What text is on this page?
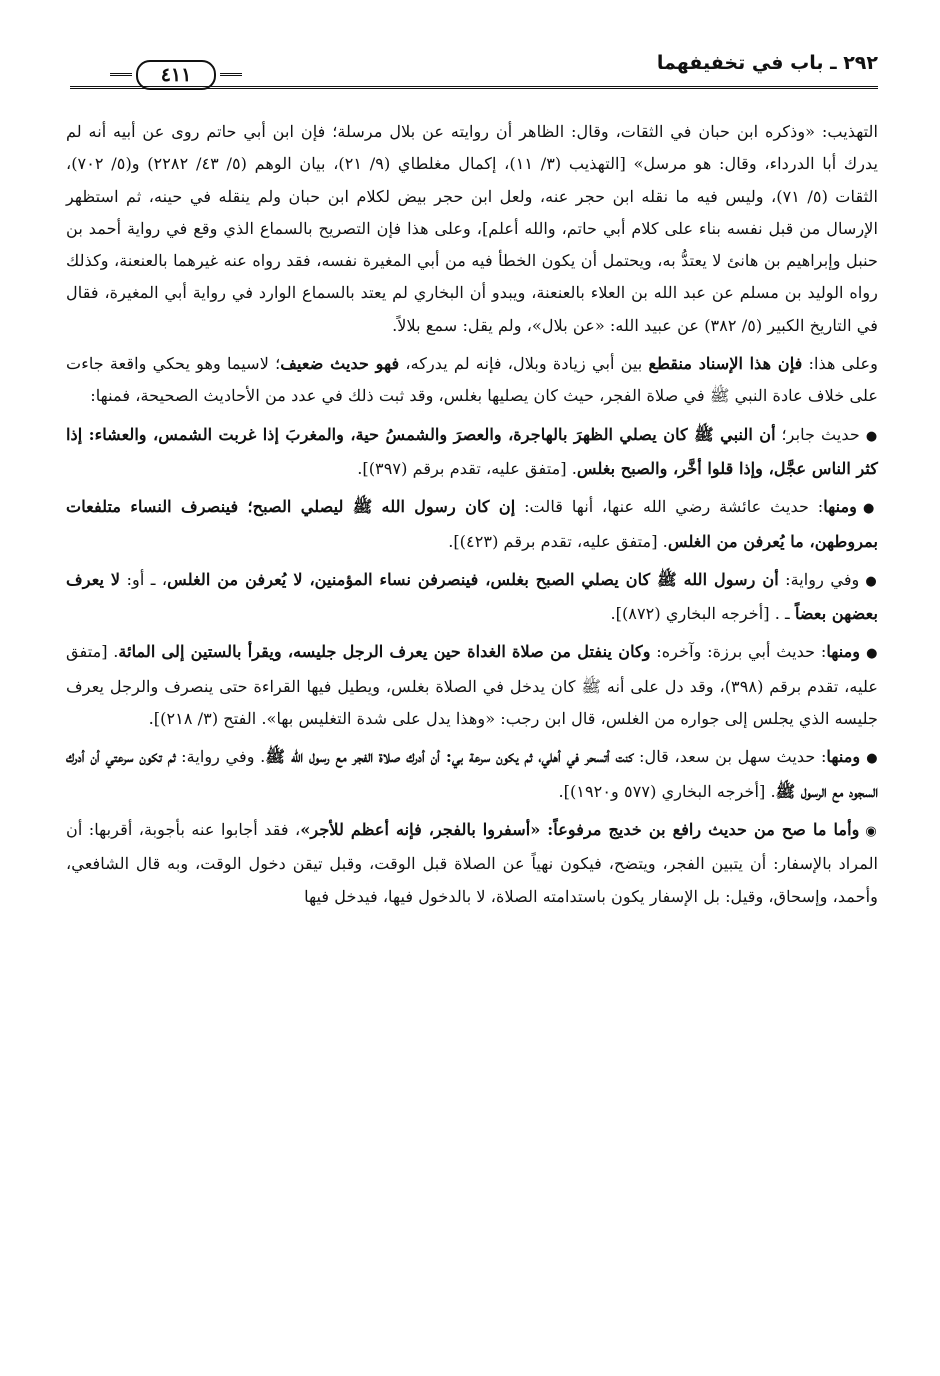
٢٩٢ ـ باب في تخفيفهما
٤١١

التهذيب: «وذكره ابن حبان في الثقات، وقال: الظاهر أن روايته عن بلال مرسلة؛ فإن ابن أبي حاتم روى عن أبيه أنه لم يدرك أبا الدرداء، وقال: هو مرسل» [التهذيب (٣/ ١١)، إكمال مغلطاي (٩/ ٢١)، بيان الوهم (٥/ ٤٣/ ٢٢٨٢) و(٥/ ٧٠٢)، الثقات (٥/ ٧١)، وليس فيه ما نقله ابن حجر عنه، ولعل ابن حجر بيض لكلام ابن حبان ولم ينقله في حينه، ثم استظهر الإرسال من قبل نفسه بناء على كلام أبي حاتم، والله أعلم]، وعلى هذا فإن التصريح بالسماع الذي وقع في رواية أحمد بن حنبل وإبراهيم بن هانئ لا يعتدُّ به، ويحتمل أن يكون الخطأ فيه من أبي المغيرة نفسه، فقد رواه عنه غيرهما بالعنعنة، وكذلك رواه الوليد بن مسلم عن عبد الله بن العلاء بالعنعنة، ويبدو أن البخاري لم يعتد بالسماع الوارد في رواية أبي المغيرة، فقال في التاريخ الكبير (٥/ ٣٨٢) عن عبيد الله: «عن بلال»، ولم يقل: سمع بلالاً.

وعلى هذا: فإن هذا الإسناد منقطع بين أبي زيادة وبلال، فإنه لم يدركه، فهو حديث ضعيف؛ لاسيما وهو يحكي واقعة جاءت على خلاف عادة النبي ﷺ في صلاة الفجر، حيث كان يصليها بغلس، وقد ثبت ذلك في عدد من الأحاديث الصحيحة، فمنها:

●حديث جابر؛ أن النبي ﷺ كان يصلي الظهرَ بالهاجرة، والعصرَ والشمسُ حية، والمغربَ إذا غربت الشمس، والعشاء: إذا كثر الناس عجَّل، وإذا قلوا أخَّر، والصبح بغلس. [متفق عليه، تقدم برقم (٣٩٧)].

●ومنها: حديث عائشة رضي الله عنها، أنها قالت: إن كان رسول الله ﷺ ليصلي الصبح؛ فينصرف النساء متلفعات بمروطهن، ما يُعرفن من الغلس. [متفق عليه، تقدم برقم (٤٢٣)].

●وفي رواية: أن رسول الله ﷺ كان يصلي الصبح بغلس، فينصرفن نساء المؤمنين، لا يُعرفن من الغلس، ـ أو: لا يعرف بعضهن بعضاً ـ . [أخرجه البخاري (٨٧٢)].

●ومنها: حديث أبي برزة: وآخره: وكان ينفتل من صلاة الغداة حين يعرف الرجل جليسه، ويقرأ بالستين إلى المائة. [متفق عليه، تقدم برقم (٣٩٨)، وقد دل على أنه ﷺ كان يدخل في الصلاة بغلس، ويطيل فيها القراءة حتى ينصرف والرجل يعرف جليسه الذي يجلس إلى جواره من الغلس، قال ابن رجب: «وهذا يدل على شدة التغليس بها». الفتح (٣/ ٢١٨)].

●ومنها: حديث سهل بن سعد، قال: كنت أتسحر في أهلي، ثم يكون سرعة بي: أن أدرك صلاة الفجر مع رسول الله ﷺ. وفي رواية: ثم تكون سرعتي أن أدرك السجود مع الرسول ﷺ. [أخرجه البخاري (٥٧٧ و١٩٢٠)].

◉وأما ما صح من حديث رافع بن خديج مرفوعاً: «أسفروا بالفجر، فإنه أعظم للأجر»، فقد أجابوا عنه بأجوبة، أقربها: أن المراد بالإسفار: أن يتبين الفجر، ويتضح، فيكون نهياً عن الصلاة قبل الوقت، وقبل تيقن دخول الوقت، وبه قال الشافعي، وأحمد، وإسحاق، وقيل: بل الإسفار يكون باستدامته الصلاة، لا بالدخول فيها، فيدخل فيها
